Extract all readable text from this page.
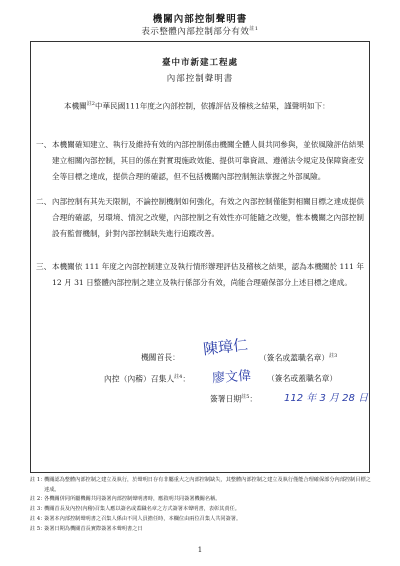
機關內部控制聲明書
表示整體內部控制部分有效$^{註1}$
臺中市新建工程處
內部控制聲明書
本機關$^{註2}$中華民國111年度之內部控制，依據評估及稽核之結果，謹聲明如下：
一、 本機關確知建立、執行及維持有效的內部控制係由機關全體人員共同參與，並依風險評估結果建立相關內部控制，其目的係在對實現施政效能、提供可靠資訊、遵循法令規定及保障資產安全等目標之達成，提供合理的確認，但不包括機關內部控制無法掌握之外部風險。
二、 內部控制有其先天限制，不論控制機制如何強化，有效之內部控制僅能對相關目標之達成提供合理的確認，另環境、情況之改變，內部控制之有效性亦可能隨之改變，惟本機關之內部控制設有監督機制，針對內部控制缺失進行追蹤改善。
三、 本機關依 111 年度之內部控制建立及執行情形辦理評估及稽核之結果，認為本機關於 111 年 12 月 31 日整體內部控制之建立及執行係部分有效，尚能合理確保部分上述目標之達成。
機關首長： 陳璋仁 （簽名或蓋職名章）$^{註3}$
內控（內稽）召集人$^{註4}$： 廖文偉 （簽名或蓋職名章）
簽署日期$^{註5}$：	112 年 3 月 28 日
註 1：
機關認為整體內部控制之建立及執行，於聲明日存有非屬重大之內部控制缺失，其整體內部控制之建立及執行僅能合理確保部分內部控制目標之達成。
註 2：
各機關併同所屬機關共同簽署內部控制聲明書時，應敘明共同簽署機關名稱。
註 3：
機關首長及內控(內稽)召集人應以簽名或蓋職名章之方式簽署本聲明書，表彰其責任。
註 4：
簽署本內部控制聲明書之召集人係由不同人員擔任時，本欄位由兩位召集人共同簽署。
註 5：
簽署日期為機關首長實際簽署本聲明書之日
1
